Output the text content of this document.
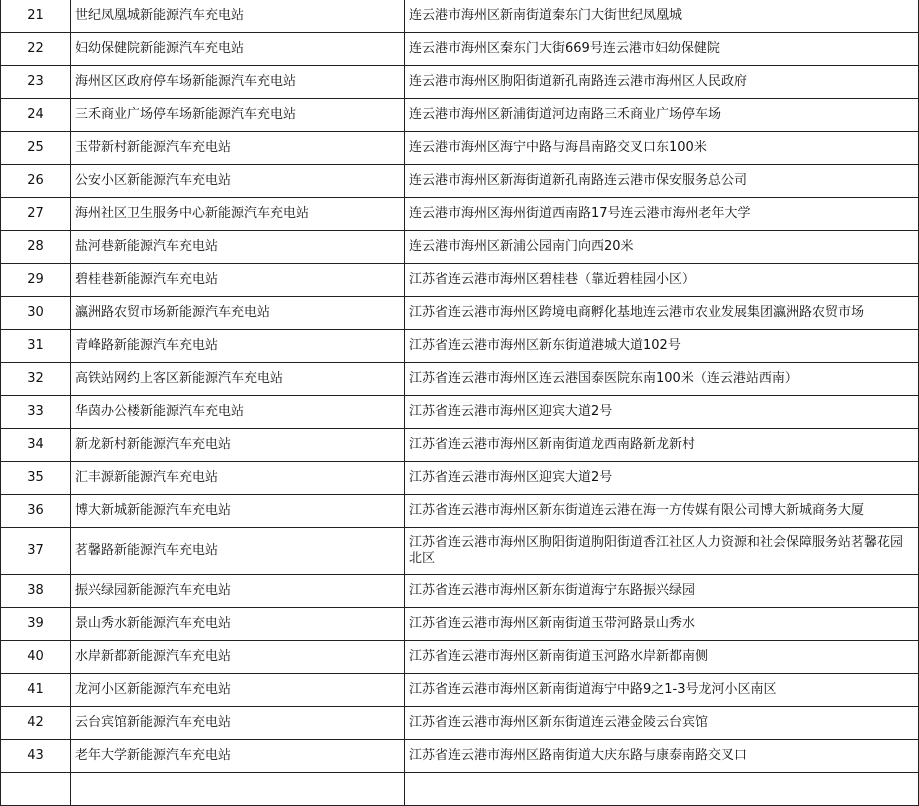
21	世纪凤凰城新能源汽车充电站	连云港市海州区新南街道秦东门大街世纪凤凰城
22	妇幼保健院新能源汽车充电站	连云港市海州区秦东门大街669号连云港市妇幼保健院
23	海州区区政府停车场新能源汽车充电站	连云港市海州区朐阳街道新孔南路连云港市海州区人民政府
24	三禾商业广场停车场新能源汽车充电站	连云港市海州区新浦街道河边南路三禾商业广场停车场
25	玉带新村新能源汽车充电站	连云港市海州区海宁中路与海昌南路交叉口东100米
26	公安小区新能源汽车充电站	连云港市海州区新海街道新孔南路连云港市保安服务总公司
27	海州社区卫生服务中心新能源汽车充电站	连云港市海州区海州街道西南路17号连云港市海州老年大学
28	盐河巷新能源汽车充电站	连云港市海州区新浦公园南门向西20米
29	碧桂巷新能源汽车充电站	江苏省连云港市海州区碧桂巷（靠近碧桂园小区）
30	瀛洲路农贸市场新能源汽车充电站	江苏省连云港市海州区跨境电商孵化基地连云港市农业发展集团瀛洲路农贸市场
31	青峰路新能源汽车充电站	江苏省连云港市海州区新东街道港城大道102号
32	高铁站网约上客区新能源汽车充电站	江苏省连云港市海州区连云港国泰医院东南100米（连云港站西南）
33	华茵办公楼新能源汽车充电站	江苏省连云港市海州区迎宾大道2号
34	新龙新村新能源汽车充电站	江苏省连云港市海州区新南街道龙西南路新龙新村
35	汇丰源新能源汽车充电站	江苏省连云港市海州区迎宾大道2号
36	博大新城新能源汽车充电站	江苏省连云港市海州区新东街道连云港在海一方传媒有限公司博大新城商务大厦
37	茗馨路新能源汽车充电站	江苏省连云港市海州区朐阳街道朐阳街道香江社区人力资源和社会保障服务站茗馨花园北区
38	振兴绿园新能源汽车充电站	江苏省连云港市海州区新东街道海宁东路振兴绿园
39	景山秀水新能源汽车充电站	江苏省连云港市海州区新南街道玉带河路景山秀水
40	水岸新都新能源汽车充电站	江苏省连云港市海州区新南街道玉河路水岸新都南侧
41	龙河小区新能源汽车充电站	江苏省连云港市海州区新南街道海宁中路9之1-3号龙河小区南区
42	云台宾馆新能源汽车充电站	江苏省连云港市海州区新东街道连云港金陵云台宾馆
43	老年大学新能源汽车充电站	江苏省连云港市海州区路南街道大庆东路与康泰南路交叉口
